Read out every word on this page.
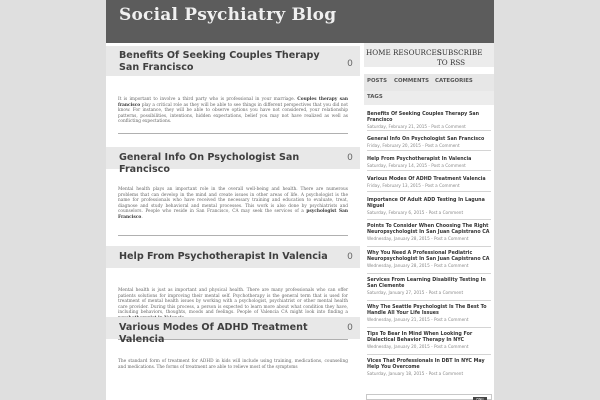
Social Psychiatry Blog
Benefits Of Seeking Couples Therapy San Francisco	0
It is important to involve a third party who is professional in your marriage. Couples therapy san francisco play a critical role as they will be able to see things in different perspectives that you did not know. For instance, they will be able to observe options you have not considered, your relationship patterns, possibilities, intentions, hidden expectations, belief you may not have realized as well as conflicting expectations.
General Info On Psychologist San Francisco
0
Mental health plays an important role in the overall well-being and health. There are numerous problems that can develop in the mind and create issues in other areas of life. A psychologist is the name for professionals who have received the necessary training and education to evaluate, treat, diagnose and study behavioral and mental processes. This work is also done by psychiatrists and counselors. People who reside in San Francisco, CA may seek the services of a psychologist San Francisco.
Help From Psychotherapist In Valencia	0
Mental health is just as important and physical health. There are many professionals who can offer patients solutions for improving their mental self. Psychotherapy is the general term that is used for treatment of mental health issues by working with a psychologist, psychiatrist or other mental health care provider. During this process, a person is expected to learn more about what condition they have, including behaviors, thoughts, moods and feelings. People of Valencia CA might look into finding a
Various Modes Of ADHD Treatment Valencia
0
The standard form of treatment for ADHD in kids will include using training, medications, counseling and medications. The forms of treatment are able to relieve most of the symptoms
HOME RESOURCES
SUBSCRIBE TO RSS
POSTS COMMENTS CATEGORIES
TAGS
Benefits Of Seeking Couples Therapy San Francisco
Saturday, February 21, 2015 - Post a Comment
General Info On Psychologist San Francisco
Friday, February 20, 2015 - Post a Comment
Help From Psychotherapist In Valencia
Saturday, February 14, 2015 - Post a Comment
Various Modes Of ADHD Treatment Valencia
Friday, February 13, 2015 - Post a Comment
Importance Of Adult ADD Testing In Laguna Niguel
Saturday, February 6, 2015 - Post a Comment
Points To Consider When Choosing The Right Neuropsychologist In San Juan Capistrano CA
Wednesday, January 28, 2015 - Post a Comment
Why You Need A Professional Pediatric Neuropsychologist In San Juan Capistrano CA
Wednesday, January 28, 2015 - Post a Comment
Services From Learning Disability Testing In San Clemente
Saturday, January 27, 2015 - Post a Comment
Why The Seattle Psychologist Is The Best To Handle All Your Life Issues
Wednesday, January 21, 2015 - Post a Comment
Tips To Bear In Mind When Looking For Dialectical Behavior Therapy In NYC
Wednesday, January 20, 2015 - Post a Comment
Vices That Professionals In DBT In NYC May Help You Overcome
Saturday, January 18, 2015 - Post a Comment
FIND
